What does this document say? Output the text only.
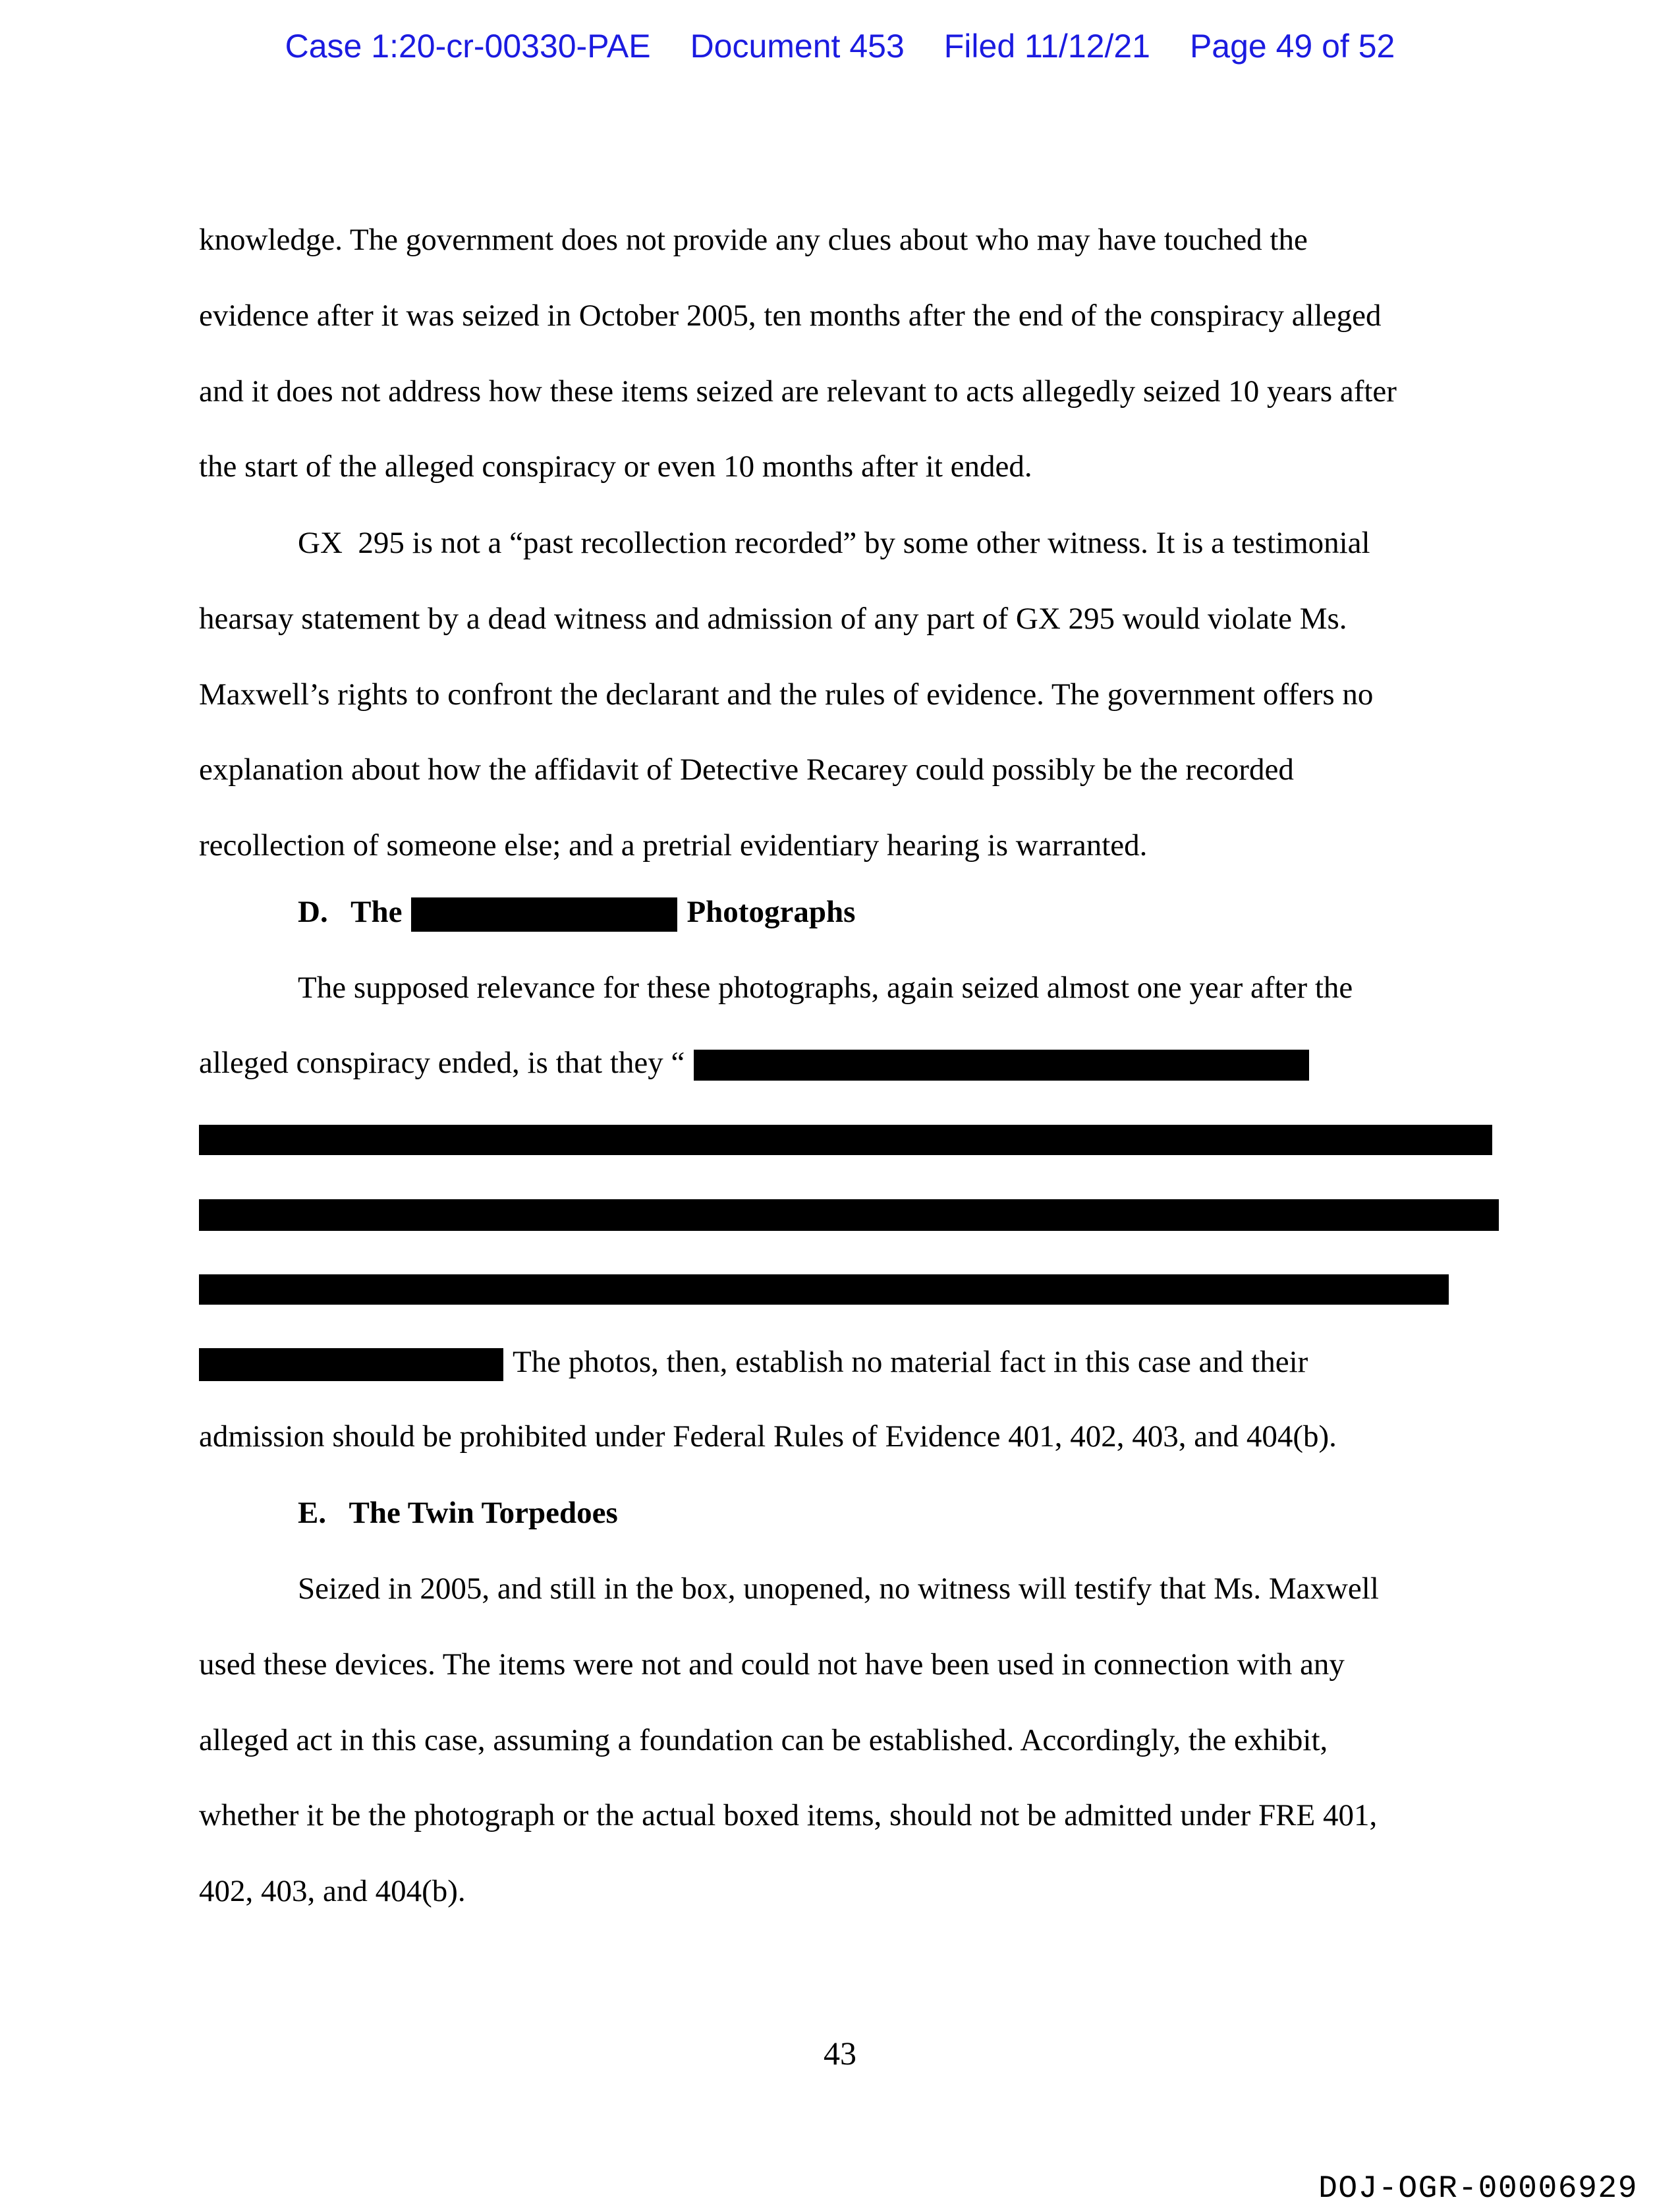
Case 1:20-cr-00330-PAE Document 453 Filed 11/12/21 Page 49 of 52
knowledge. The government does not provide any clues about who may have touched the
evidence after it was seized in October 2005, ten months after the end of the conspiracy alleged
and it does not address how these items seized are relevant to acts allegedly seized 10 years after
the start of the alleged conspiracy or even 10 months after it ended.
GX  295 is not a “past recollection recorded” by some other witness. It is a testimonial
hearsay statement by a dead witness and admission of any part of GX 295 would violate Ms.
Maxwell’s rights to confront the declarant and the rules of evidence. The government offers no
explanation about how the affidavit of Detective Recarey could possibly be the recorded
recollection of someone else; and a pretrial evidentiary hearing is warranted.
D.   The	Photographs
The supposed relevance for these photographs, again seized almost one year after the
alleged conspiracy ended, is that they “
The photos, then, establish no material fact in this case and their
admission should be prohibited under Federal Rules of Evidence 401, 402, 403, and 404(b).
E.   The Twin Torpedoes
Seized in 2005, and still in the box, unopened, no witness will testify that Ms. Maxwell
used these devices. The items were not and could not have been used in connection with any
alleged act in this case, assuming a foundation can be established. Accordingly, the exhibit,
whether it be the photograph or the actual boxed items, should not be admitted under FRE 401,
402, 403, and 404(b).
43
DOJ-OGR-00006929
